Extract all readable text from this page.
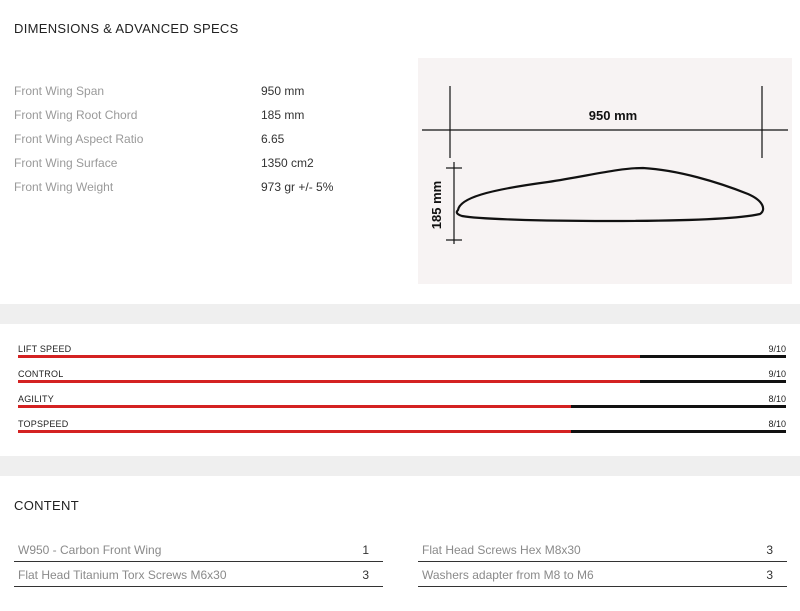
DIMENSIONS & ADVANCED SPECS
Front Wing Span	950 mm
Front Wing Root Chord	185 mm
Front Wing Aspect Ratio	6.65
Front Wing Surface	1350 cm2
Front Wing Weight	973 gr +/- 5%
950 mm
185 mm
LIFT SPEED	9/10
CONTROL	9/10
AGILITY	8/10
TOPSPEED	8/10
CONTENT
W950 - Carbon Front Wing	1
Flat Head Titanium Torx Screws M6x30	3
Flat Head Screws Hex M8x30	3
Washers adapter from M8 to M6	3
